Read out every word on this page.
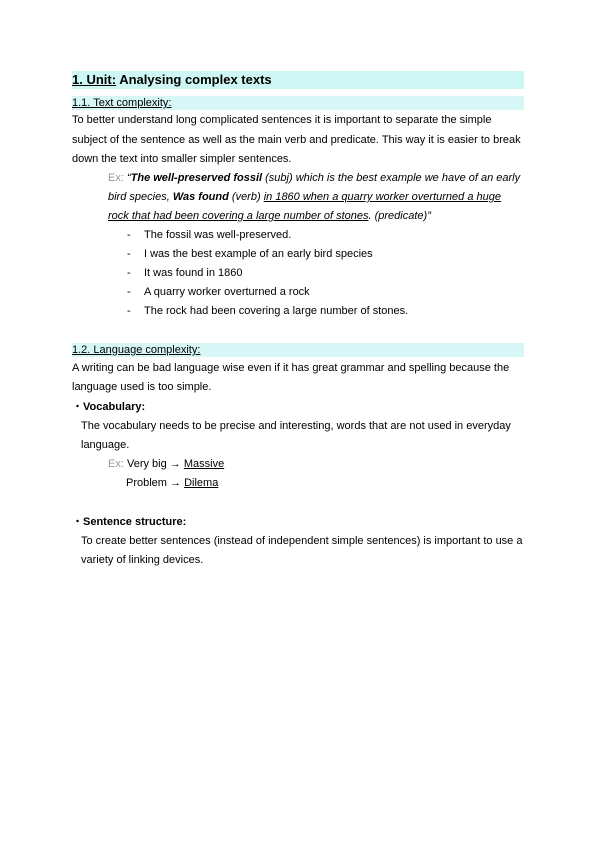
1. Unit: Analysing complex texts
1.1. Text complexity:
To better understand long complicated sentences it is important to separate the simple
subject of the sentence as well as the main verb and predicate. This way it is easier to break
down the text into smaller simpler sentences.
Ex: “The well-preserved fossil (subj) which is the best example we have of an early
bird species, Was found (verb) in 1860 when a quarry worker overturned a huge
rock that had been covering a large number of stones. (predicate)”
- The fossil was well-preserved.
- I was the best example of an early bird species
- It was found in 1860
- A quarry worker overturned a rock
- The rock had been covering a large number of stones.
1.2. Language complexity:
A writing can be bad language wise even if it has great grammar and spelling because the
language used is too simple.
・Vocabulary:
The vocabulary needs to be precise and interesting, words that are not used in everyday
language.
Ex: Very big → Massive
Problem → Dilema
・Sentence structure:
To create better sentences (instead of independent simple sentences) is important to use a
variety of linking devices.
